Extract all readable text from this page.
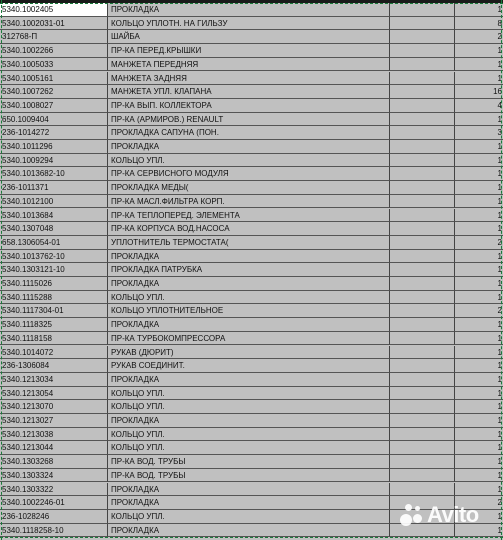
5340.1002405	ПРОКЛАДКА	1
5340.1002031-01	КОЛЬЦО УПЛОТН. НА ГИЛЬЗУ	8
312768-П	ШАЙБА	2
5340.1002266	ПР-КА ПЕРЕД.КРЫШКИ	1
5340.1005033	МАНЖЕТА ПЕРЕДНЯЯ	1
5340.1005161	МАНЖЕТА ЗАДНЯЯ	1
5340.1007262	МАНЖЕТА УПЛ. КЛАПАНА	16
5340.1008027	ПР-КА ВЫП. КОЛЛЕКТОРА	4
650.1009404	ПР-КА (АРМИРОВ.) RENAULT	1
236-1014272	ПРОКЛАДКА САПУНА (ПОН.	3
5340.1011296	ПРОКЛАДКА	1
5340.1009294	КОЛЬЦО УПЛ.	1
5340.1013682-10	ПР-КА СЕРВИСНОГО МОДУЛЯ	1
236-1011371	ПРОКЛАДКА МЕДЫ(	1
5340.1012100	ПР-КА МАСЛ.ФИЛЬТРА КОРП.	1
5340.1013684	ПР-КА ТЕПЛОПЕРЕД. ЭЛЕМЕНТА	1
5340.1307048	ПР-КА КОРПУСА ВОД.НАСОСА	1
658.1306054-01	УПЛОТНИТЕЛЬ ТЕРМОСТАТА(	2
5340.1013762-10	ПРОКЛАДКА	1
5340.1303121-10	ПРОКЛАДКА ПАТРУБКА	1
5340.1115026	ПРОКЛАДКА	1
5340.1115288	КОЛЬЦО УПЛ.	1
5340.1117304-01	КОЛЬЦО УПЛОТНИТЕЛЬНОЕ	2
5340.1118325	ПРОКЛАДКА	1
5340.1118158	ПР-КА ТУРБОКОМПРЕССОРА	1
5340.1014072	РУКАВ (ДЮРИТ)	1
236-1306084	РУКАВ СОЕДИНИТ.	1
5340.1213034	ПРОКЛАДКА	1
5340.1213054	КОЛЬЦО УПЛ.	1
5340.1213070	КОЛЬЦО УПЛ.	1
5340.1213027	ПРОКЛАДКА	1
5340.1213038	КОЛЬЦО УПЛ.	1
5340.1213044	КОЛЬЦО УПЛ.	1
5340.1303268	ПР-КА ВОД. ТРУБЫ	1
5340.1303324	ПР-КА ВОД. ТРУБЫ	1
5340.1303322	ПРОКЛАДКА	1
5340.1002246-01	ПРОКЛАДКА	2
236-1028246	КОЛЬЦО УПЛ.	1
5340.1118258-10	ПРОКЛАДКА	1
Avito
